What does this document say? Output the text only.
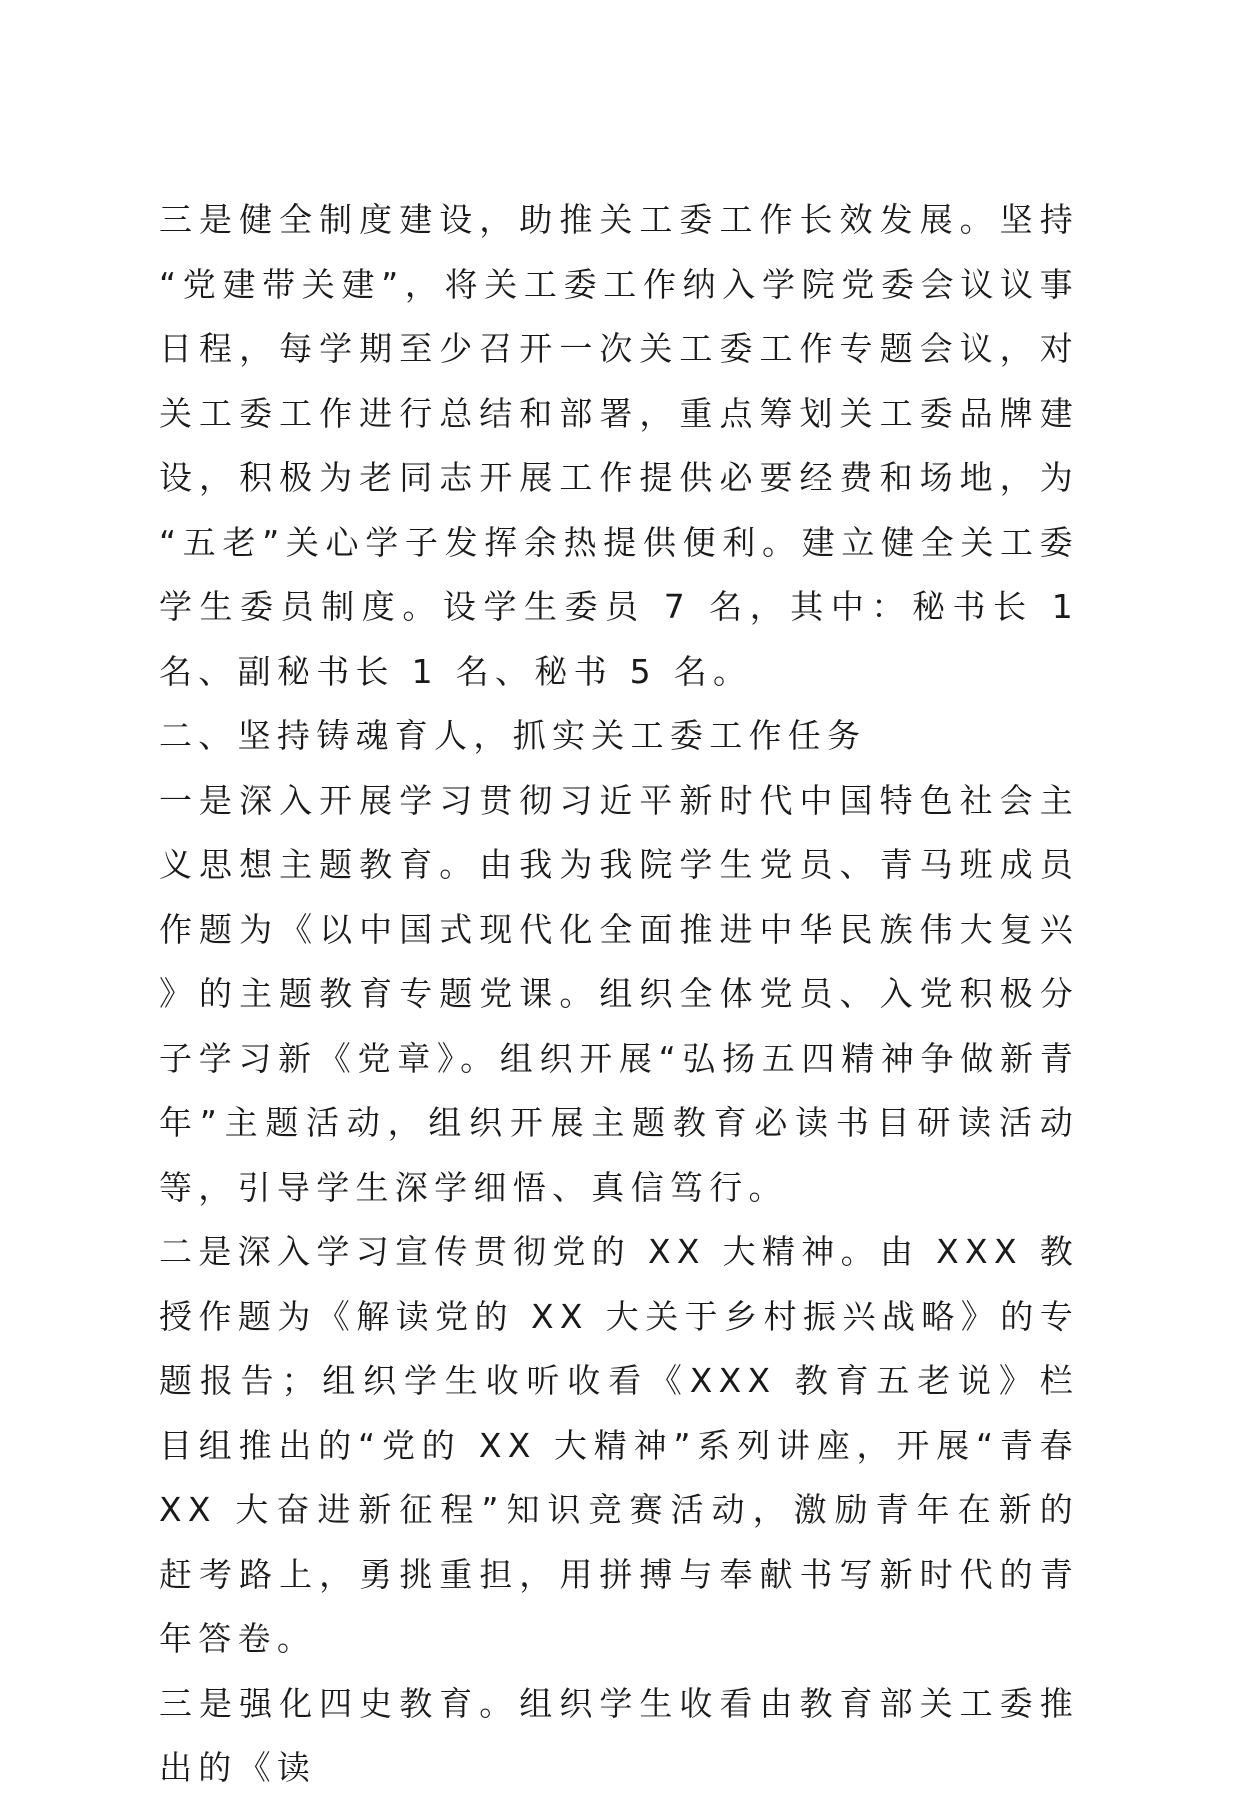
三是健全制度建设，助推关工委工作长效发展。坚持“党建带关建”，将关工委工作纳入学院党委会议议事日程，每学期至少召开一次关工委工作专题会议，对关工委工作进行总结和部署，重点筹划关工委品牌建设，积极为老同志开展工作提供必要经费和场地，为“五老”关心学子发挥余热提供便利。建立健全关工委学生委员制度。设学生委员 7 名，其中：秘书长 1 名、副秘书长 1 名、秘书 5 名。

二、坚持铸魂育人，抓实关工委工作任务

一是深入开展学习贯彻习近平新时代中国特色社会主义思想主题教育。由我为我院学生党员、青马班成员作题为《以中国式现代化全面推进中华民族伟大复兴》的主题教育专题党课。组织全体党员、入党积极分子学习新《党章》。组织开展“弘扬五四精神争做新青年”主题活动，组织开展主题教育必读书目研读活动等，引导学生深学细悟、真信笃行。

二是深入学习宣传贯彻党的 XX 大精神。由 XXX 教授作题为《解读党的 XX 大关于乡村振兴战略》的专题报告；组织学生收听收看《XXX 教育五老说》栏目组推出的“党的 XX 大精神”系列讲座，开展“青春 XX 大奋进新征程”知识竞赛活动，激励青年在新的赶考路上，勇挑重担，用拼搏与奉献书写新时代的青年答卷。

三是强化四史教育。组织学生收看由教育部关工委推出的《读
